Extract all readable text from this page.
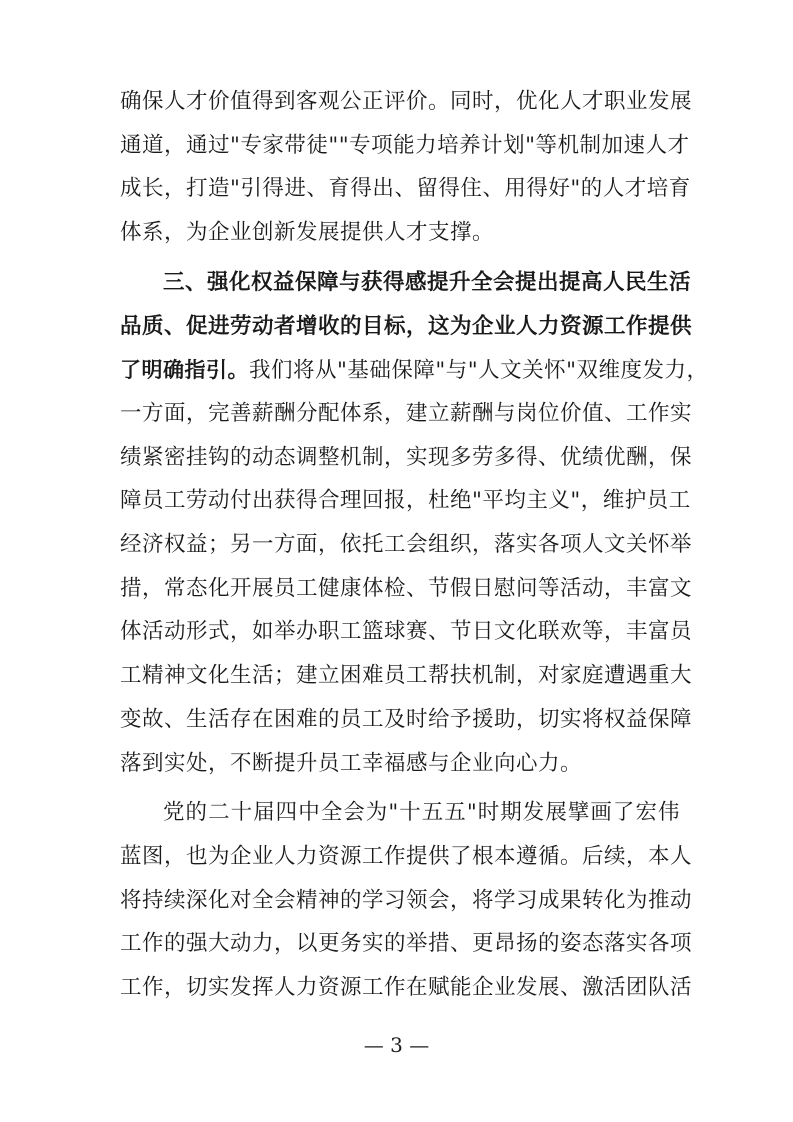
确保人才价值得到客观公正评价。同时，优化人才职业发展
通道，通过"专家带徒""专项能力培养计划"等机制加速人才
成长，打造"引得进、育得出、留得住、用得好"的人才培育
体系，为企业创新发展提供人才支撑。
三、强化权益保障与获得感提升全会提出提高人民生活
品质、促进劳动者增收的目标，这为企业人力资源工作提供
了明确指引。我们将从"基础保障"与"人文关怀"双维度发力，
一方面，完善薪酬分配体系，建立薪酬与岗位价值、工作实
绩紧密挂钩的动态调整机制，实现多劳多得、优绩优酬，保
障员工劳动付出获得合理回报，杜绝"平均主义"，维护员工
经济权益；另一方面，依托工会组织，落实各项人文关怀举
措，常态化开展员工健康体检、节假日慰问等活动，丰富文
体活动形式，如举办职工篮球赛、节日文化联欢等，丰富员
工精神文化生活；建立困难员工帮扶机制，对家庭遭遇重大
变故、生活存在困难的员工及时给予援助，切实将权益保障
落到实处，不断提升员工幸福感与企业向心力。
党的二十届四中全会为"十五五"时期发展擘画了宏伟
蓝图，也为企业人力资源工作提供了根本遵循。后续，本人
将持续深化对全会精神的学习领会，将学习成果转化为推动
工作的强大动力，以更务实的举措、更昂扬的姿态落实各项
工作，切实发挥人力资源工作在赋能企业发展、激活团队活
— 3 —
